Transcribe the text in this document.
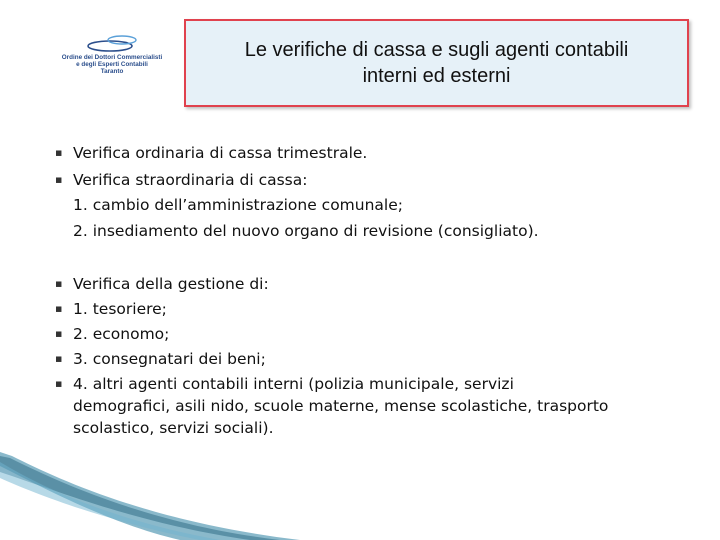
Ordine dei Dottori Commercialisti
e degli Esperti Contabili
Taranto
Le verifiche di cassa e sugli agenti contabili interni ed esterni
▪ Verifica ordinaria di cassa trimestrale.
▪ Verifica straordinaria di cassa:
1. cambio dell’amministrazione comunale;
2. insediamento del nuovo organo di revisione (consigliato).
▪ Verifica della gestione di:
▪ 1. tesoriere;
▪ 2. economo;
▪ 3. consegnatari dei beni;
▪ 4. altri agenti contabili interni (polizia municipale, servizi
demografici, asili nido, scuole materne, mense scolastiche, trasporto
scolastico, servizi sociali).
